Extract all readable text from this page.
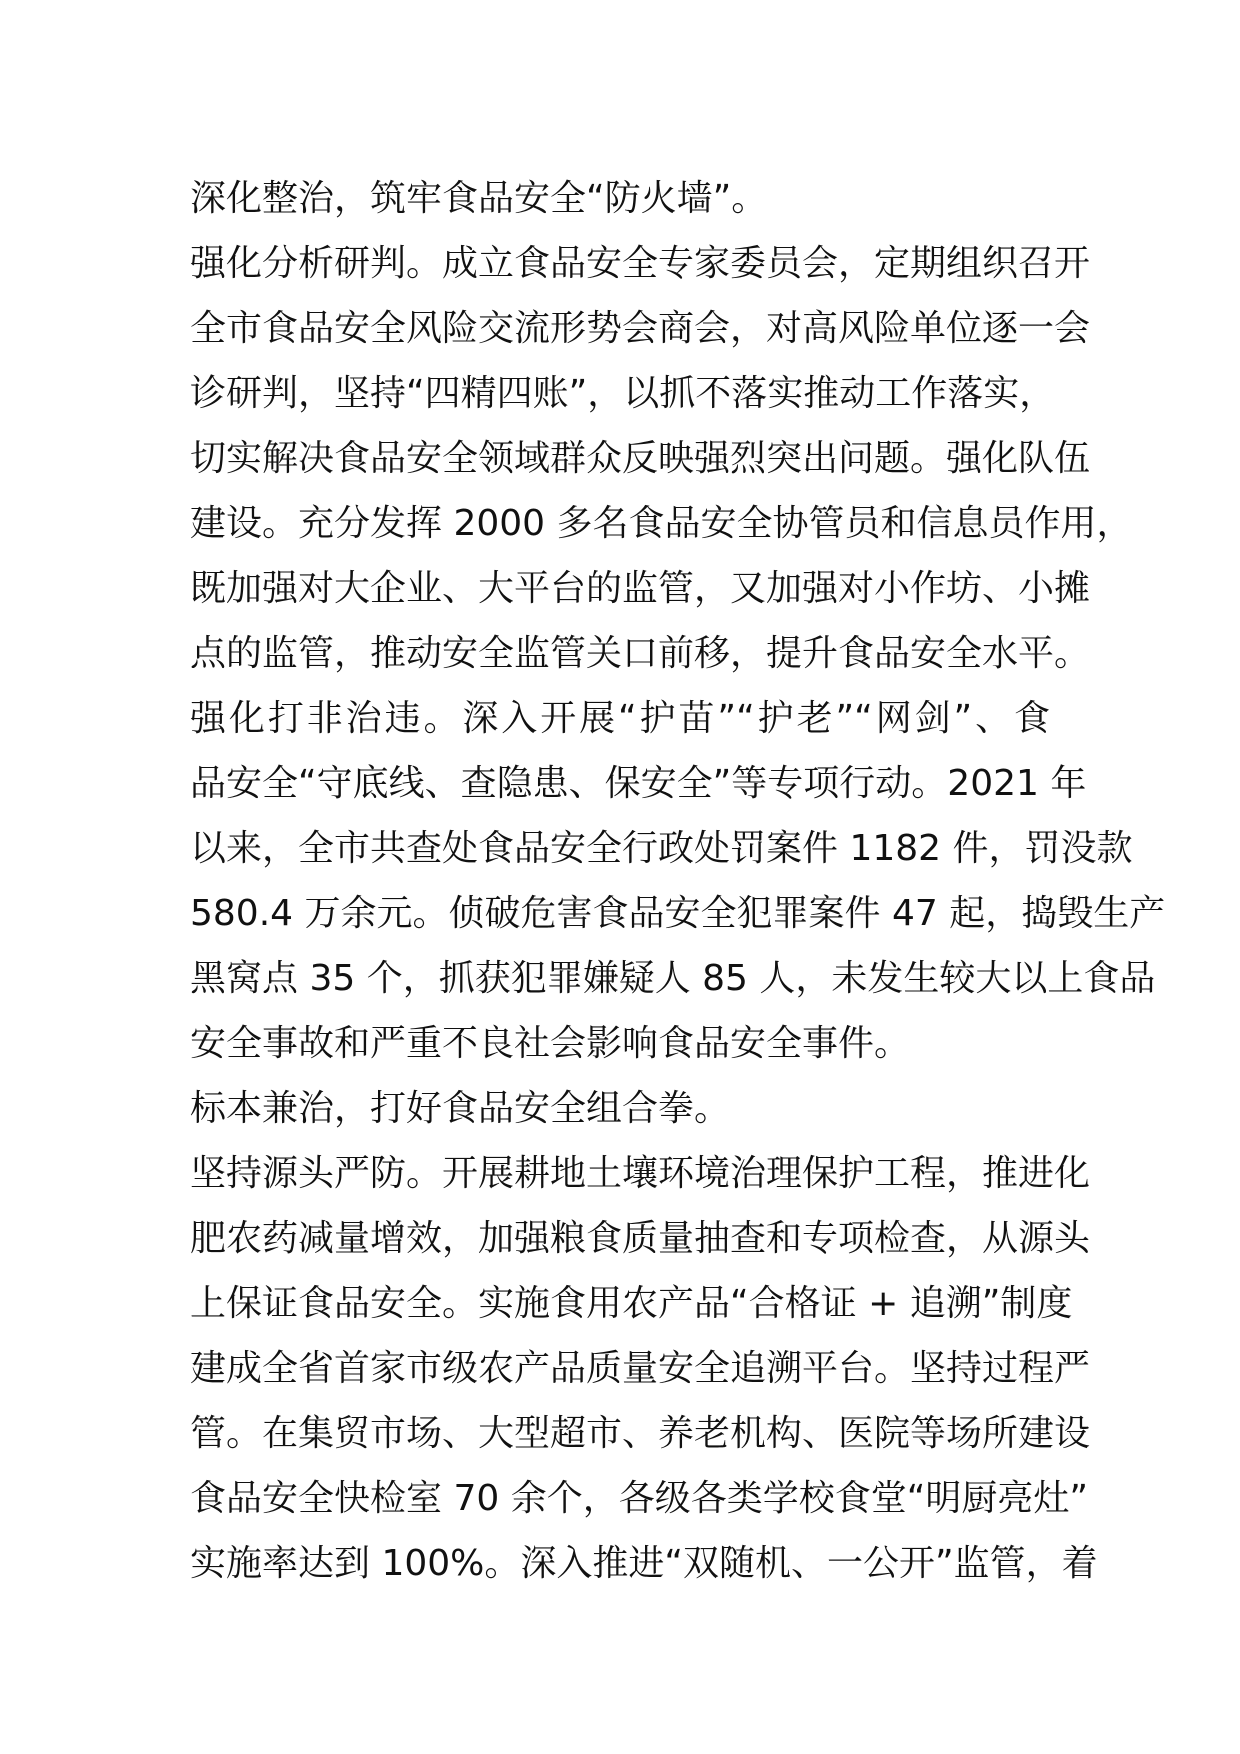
深化整治，筑牢食品安全“防火墙”。
强化分析研判。成立食品安全专家委员会，定期组织召开
全市食品安全风险交流形势会商会，对高风险单位逐一会
诊研判，坚持“四精四账”，以抓不落实推动工作落实，
切实解决食品安全领域群众反映强烈突出问题。强化队伍
建设。充分发挥 2000 多名食品安全协管员和信息员作用，
既加强对大企业、大平台的监管，又加强对小作坊、小摊
点的监管，推动安全监管关口前移，提升食品安全水平。
强化打非治违。深入开展“护苗”“护老”“网剑”、食
品安全“守底线、查隐患、保安全”等专项行动。2021 年
以来，全市共查处食品安全行政处罚案件 1182 件，罚没款
580.4 万余元。侦破危害食品安全犯罪案件 47 起，捣毁生产
黑窝点 35 个，抓获犯罪嫌疑人 85 人，未发生较大以上食品
安全事故和严重不良社会影响食品安全事件。
标本兼治，打好食品安全组合拳。
坚持源头严防。开展耕地土壤环境治理保护工程，推进化
肥农药减量增效，加强粮食质量抽查和专项检查，从源头
上保证食品安全。实施食用农产品“合格证 + 追溯”制度
建成全省首家市级农产品质量安全追溯平台。坚持过程严
管。在集贸市场、大型超市、养老机构、医院等场所建设
食品安全快检室 70 余个，各级各类学校食堂“明厨亮灶”
实施率达到 100%。深入推进“双随机、一公开”监管，着
